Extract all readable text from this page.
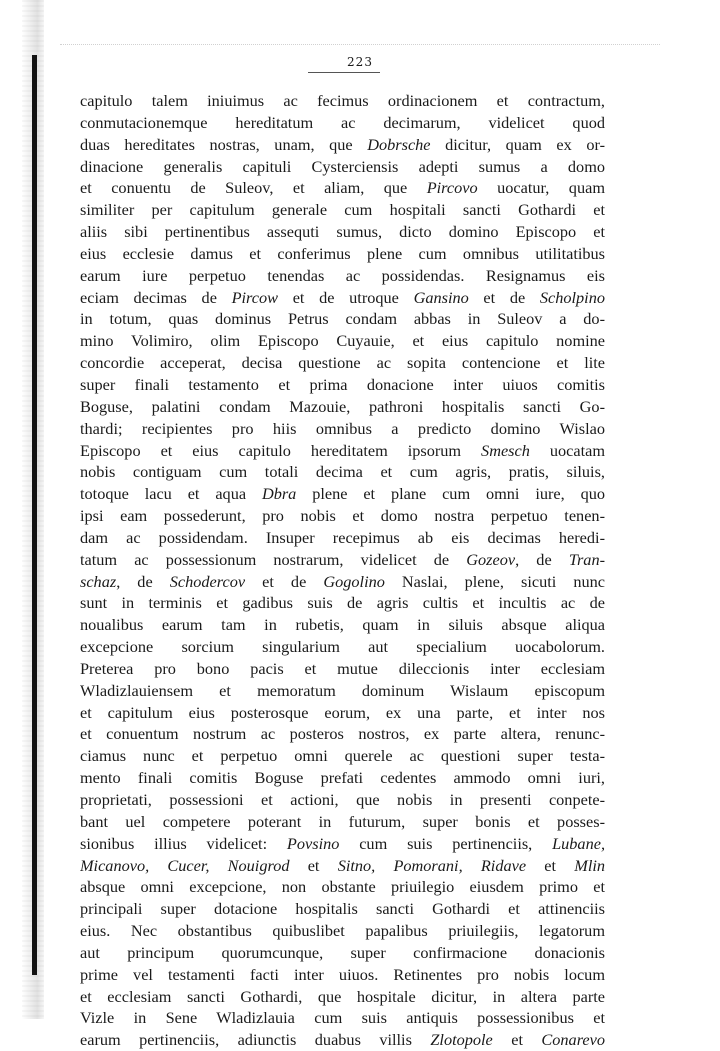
223
capitulo talem iniuimus ac fecimus ordinacionem et contractum,
conmutacionemque hereditatum ac decimarum, videlicet quod
duas hereditates nostras, unam, que Dobrsche dicitur, quam ex or-
dinacione generalis capituli Cysterciensis adepti sumus a domo
et conuentu de Suleov, et aliam, que Pircovo uocatur, quam
similiter per capitulum generale cum hospitali sancti Gothardi et
aliis sibi pertinentibus assequti sumus, dicto domino Episcopo et
eius ecclesie damus et conferimus plene cum omnibus utilitatibus
earum iure perpetuo tenendas ac possidendas. Resignamus eis
eciam decimas de Pircow et de utroque Gansino et de Scholpino
in totum, quas dominus Petrus condam abbas in Suleov a do-
mino Volimiro, olim Episcopo Cuyauie, et eius capitulo nomine
concordie acceperat, decisa questione ac sopita contencione et lite
super finali testamento et prima donacione inter uiuos comitis
Boguse, palatini condam Mazouie, pathroni hospitalis sancti Go-
thardi; recipientes pro hiis omnibus a predicto domino Wislao
Episcopo et eius capitulo hereditatem ipsorum Smesch uocatam
nobis contiguam cum totali decima et cum agris, pratis, siluis,
totoque lacu et aqua Dbra plene et plane cum omni iure, quo
ipsi eam possederunt, pro nobis et domo nostra perpetuo tenen-
dam ac possidendam. Insuper recepimus ab eis decimas heredi-
tatum ac possessionum nostrarum, videlicet de Gozeov, de Tran-
schaz, de Schodercov et de Gogolino Naslai, plene, sicuti nunc
sunt in terminis et gadibus suis de agris cultis et incultis ac de
noualibus earum tam in rubetis, quam in siluis absque aliqua
excepcione sorcium singularium aut specialium uocabolorum.
Preterea pro bono pacis et mutue dileccionis inter ecclesiam
Wladizlauiensem et memoratum dominum Wislaum episcopum
et capitulum eius posterosque eorum, ex una parte, et inter nos
et conuentum nostrum ac posteros nostros, ex parte altera, renunc-
ciamus nunc et perpetuo omni querele ac questioni super testa-
mento finali comitis Boguse prefati cedentes ammodo omni iuri,
proprietati, possessioni et actioni, que nobis in presenti conpete-
bant uel competere poterant in futurum, super bonis et posses-
sionibus illius videlicet: Povsino cum suis pertinenciis, Lubane,
Micanovo, Cucer, Nouigrod et Sitno, Pomorani, Ridave et Mlin
absque omni excepcione, non obstante priuilegio eiusdem primo et
principali super dotacione hospitalis sancti Gothardi et attinenciis
eius. Nec obstantibus quibuslibet papalibus priuilegiis, legatorum
aut principum quorumcunque, super confirmacione donacionis
prime vel testamenti facti inter uiuos. Retinentes pro nobis locum
et ecclesiam sancti Gothardi, que hospitale dicitur, in altera parte
Vizle in Sene Wladizlauia cum suis antiquis possessionibus et
earum pertinenciis, adiunctis duabus villis Zlotopole et Conarevo
